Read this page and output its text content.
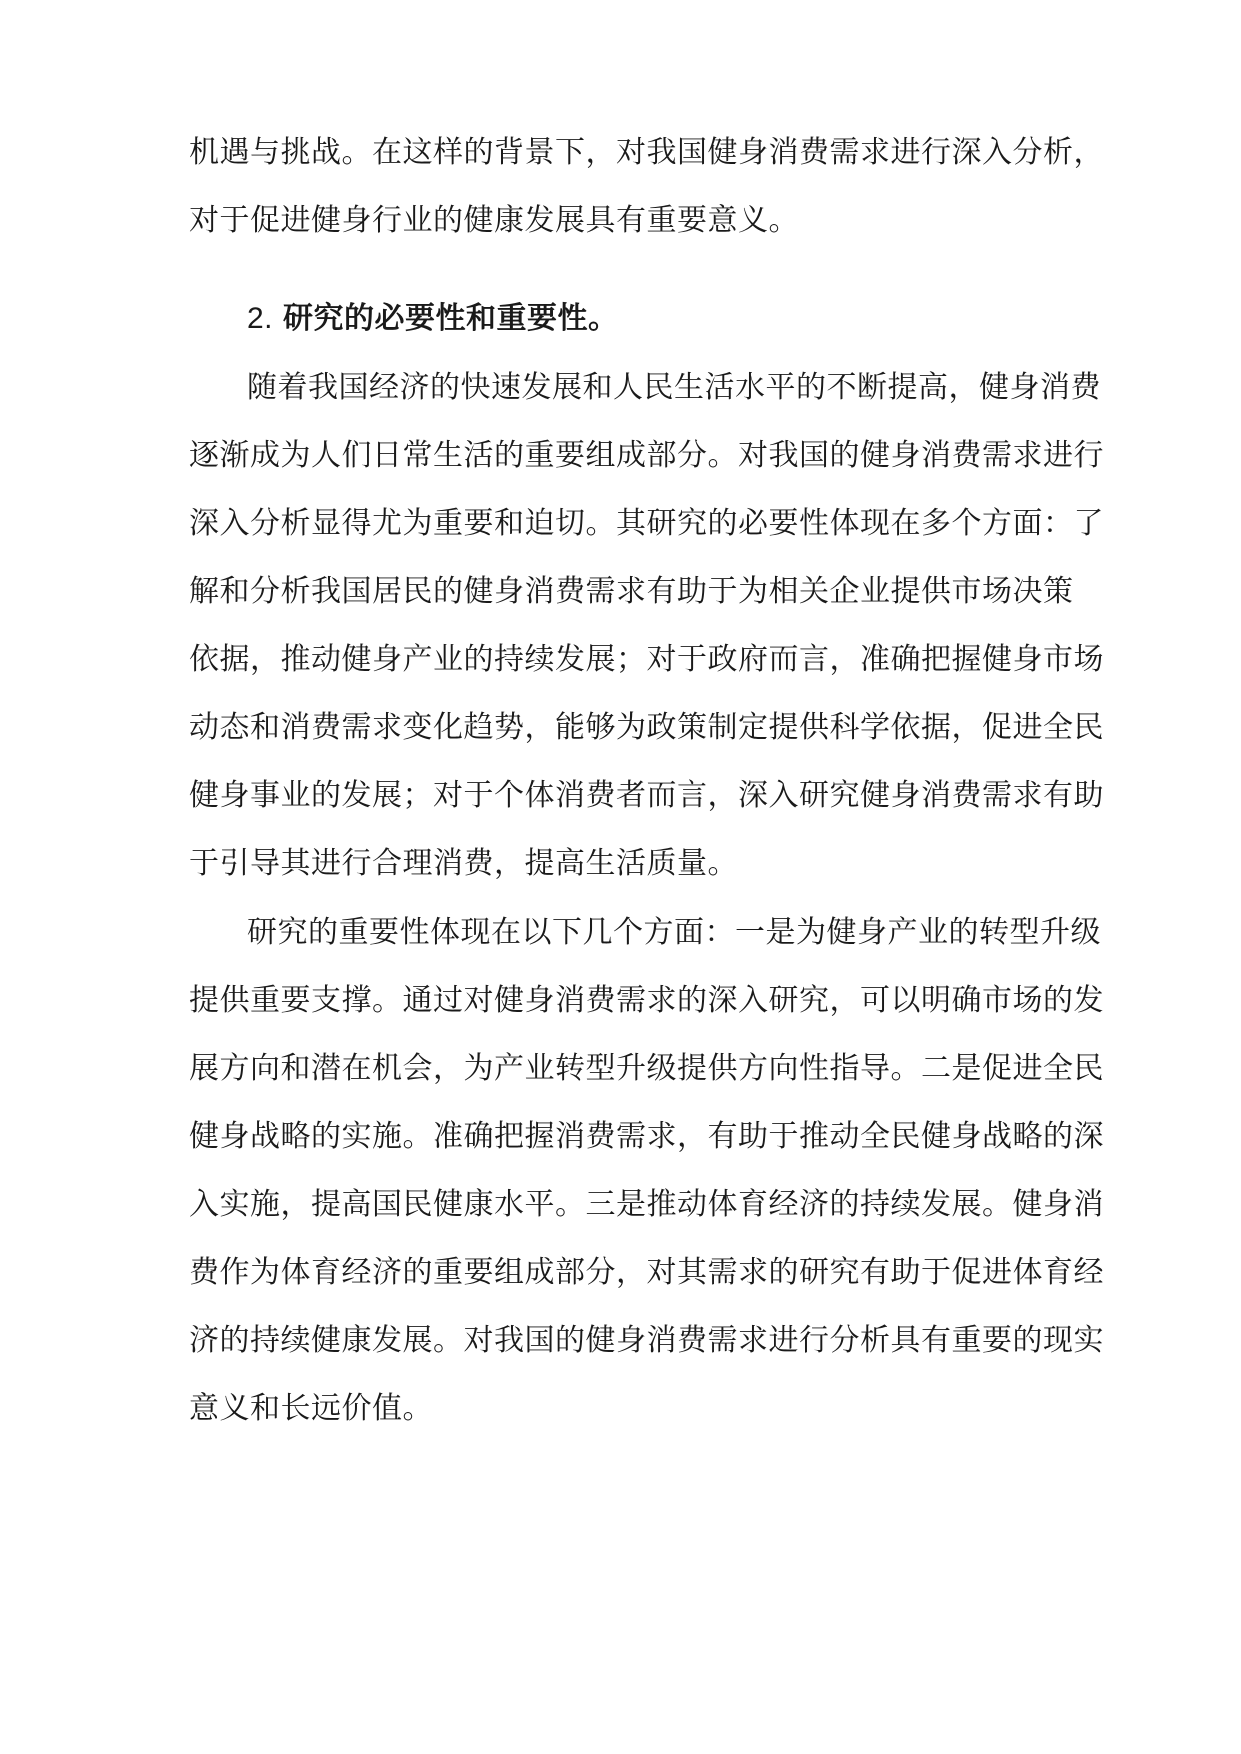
机遇与挑战。在这样的背景下，对我国健身消费需求进行深入分析，
对于促进健身行业的健康发展具有重要意义。
2. 研究的必要性和重要性。
随着我国经济的快速发展和人民生活水平的不断提高，健身消费
逐渐成为人们日常生活的重要组成部分。对我国的健身消费需求进行
深入分析显得尤为重要和迫切。其研究的必要性体现在多个方面：了
解和分析我国居民的健身消费需求有助于为相关企业提供市场决策
依据，推动健身产业的持续发展；对于政府而言，准确把握健身市场
动态和消费需求变化趋势，能够为政策制定提供科学依据，促进全民
健身事业的发展；对于个体消费者而言，深入研究健身消费需求有助
于引导其进行合理消费，提高生活质量。
研究的重要性体现在以下几个方面：一是为健身产业的转型升级
提供重要支撑。通过对健身消费需求的深入研究，可以明确市场的发
展方向和潜在机会，为产业转型升级提供方向性指导。二是促进全民
健身战略的实施。准确把握消费需求，有助于推动全民健身战略的深
入实施，提高国民健康水平。三是推动体育经济的持续发展。健身消
费作为体育经济的重要组成部分，对其需求的研究有助于促进体育经
济的持续健康发展。对我国的健身消费需求进行分析具有重要的现实
意义和长远价值。
